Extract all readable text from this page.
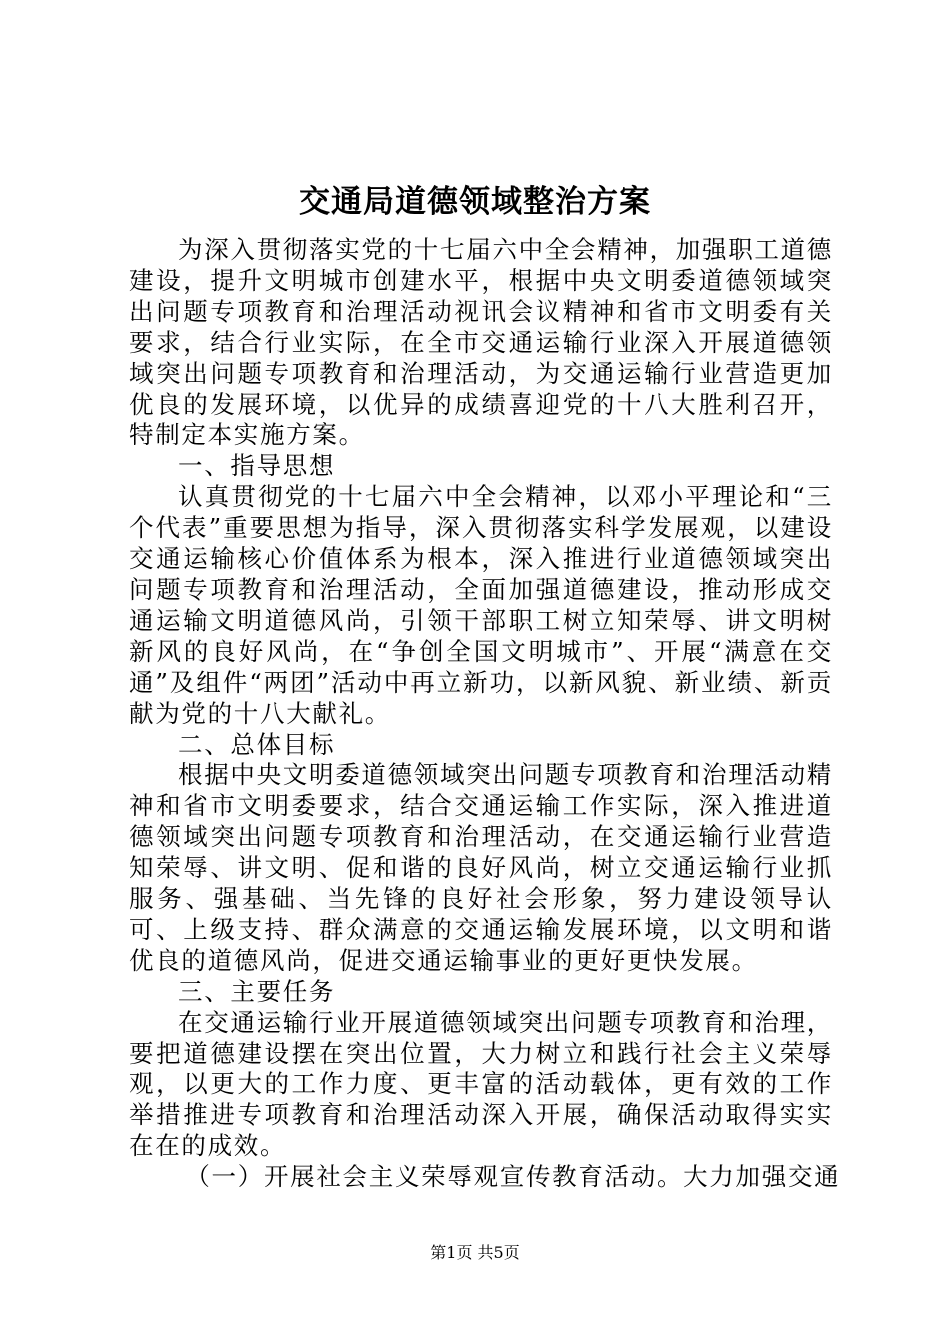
交通局道德领域整治方案

为深入贯彻落实党的十七届六中全会精神，加强职工道德建设，提升文明城市创建水平，根据中央文明委道德领域突出问题专项教育和治理活动视讯会议精神和省市文明委有关要求，结合行业实际，在全市交通运输行业深入开展道德领域突出问题专项教育和治理活动，为交通运输行业营造更加优良的发展环境，以优异的成绩喜迎党的十八大胜利召开，特制定本实施方案。

一、指导思想

认真贯彻党的十七届六中全会精神，以邓小平理论和“三个代表”重要思想为指导，深入贯彻落实科学发展观，以建设交通运输核心价值体系为根本，深入推进行业道德领域突出问题专项教育和治理活动，全面加强道德建设，推动形成交通运输文明道德风尚，引领干部职工树立知荣辱、讲文明树新风的良好风尚，在“争创全国文明城市”、开展“满意在交通”及组件“两团”活动中再立新功，以新风貌、新业绩、新贡献为党的十八大献礼。

二、总体目标

根据中央文明委道德领域突出问题专项教育和治理活动精神和省市文明委要求，结合交通运输工作实际，深入推进道德领域突出问题专项教育和治理活动，在交通运输行业营造知荣辱、讲文明、促和谐的良好风尚，树立交通运输行业抓服务、强基础、当先锋的良好社会形象，努力建设领导认可、上级支持、群众满意的交通运输发展环境，以文明和谐优良的道德风尚，促进交通运输事业的更好更快发展。

三、主要任务

在交通运输行业开展道德领域突出问题专项教育和治理，要把道德建设摆在突出位置，大力树立和践行社会主义荣辱观，以更大的工作力度、更丰富的活动载体，更有效的工作举措推进专项教育和治理活动深入开展，确保活动取得实实在在的成效。

（一）开展社会主义荣辱观宣传教育活动。大力加强交通

第1页 共5页
